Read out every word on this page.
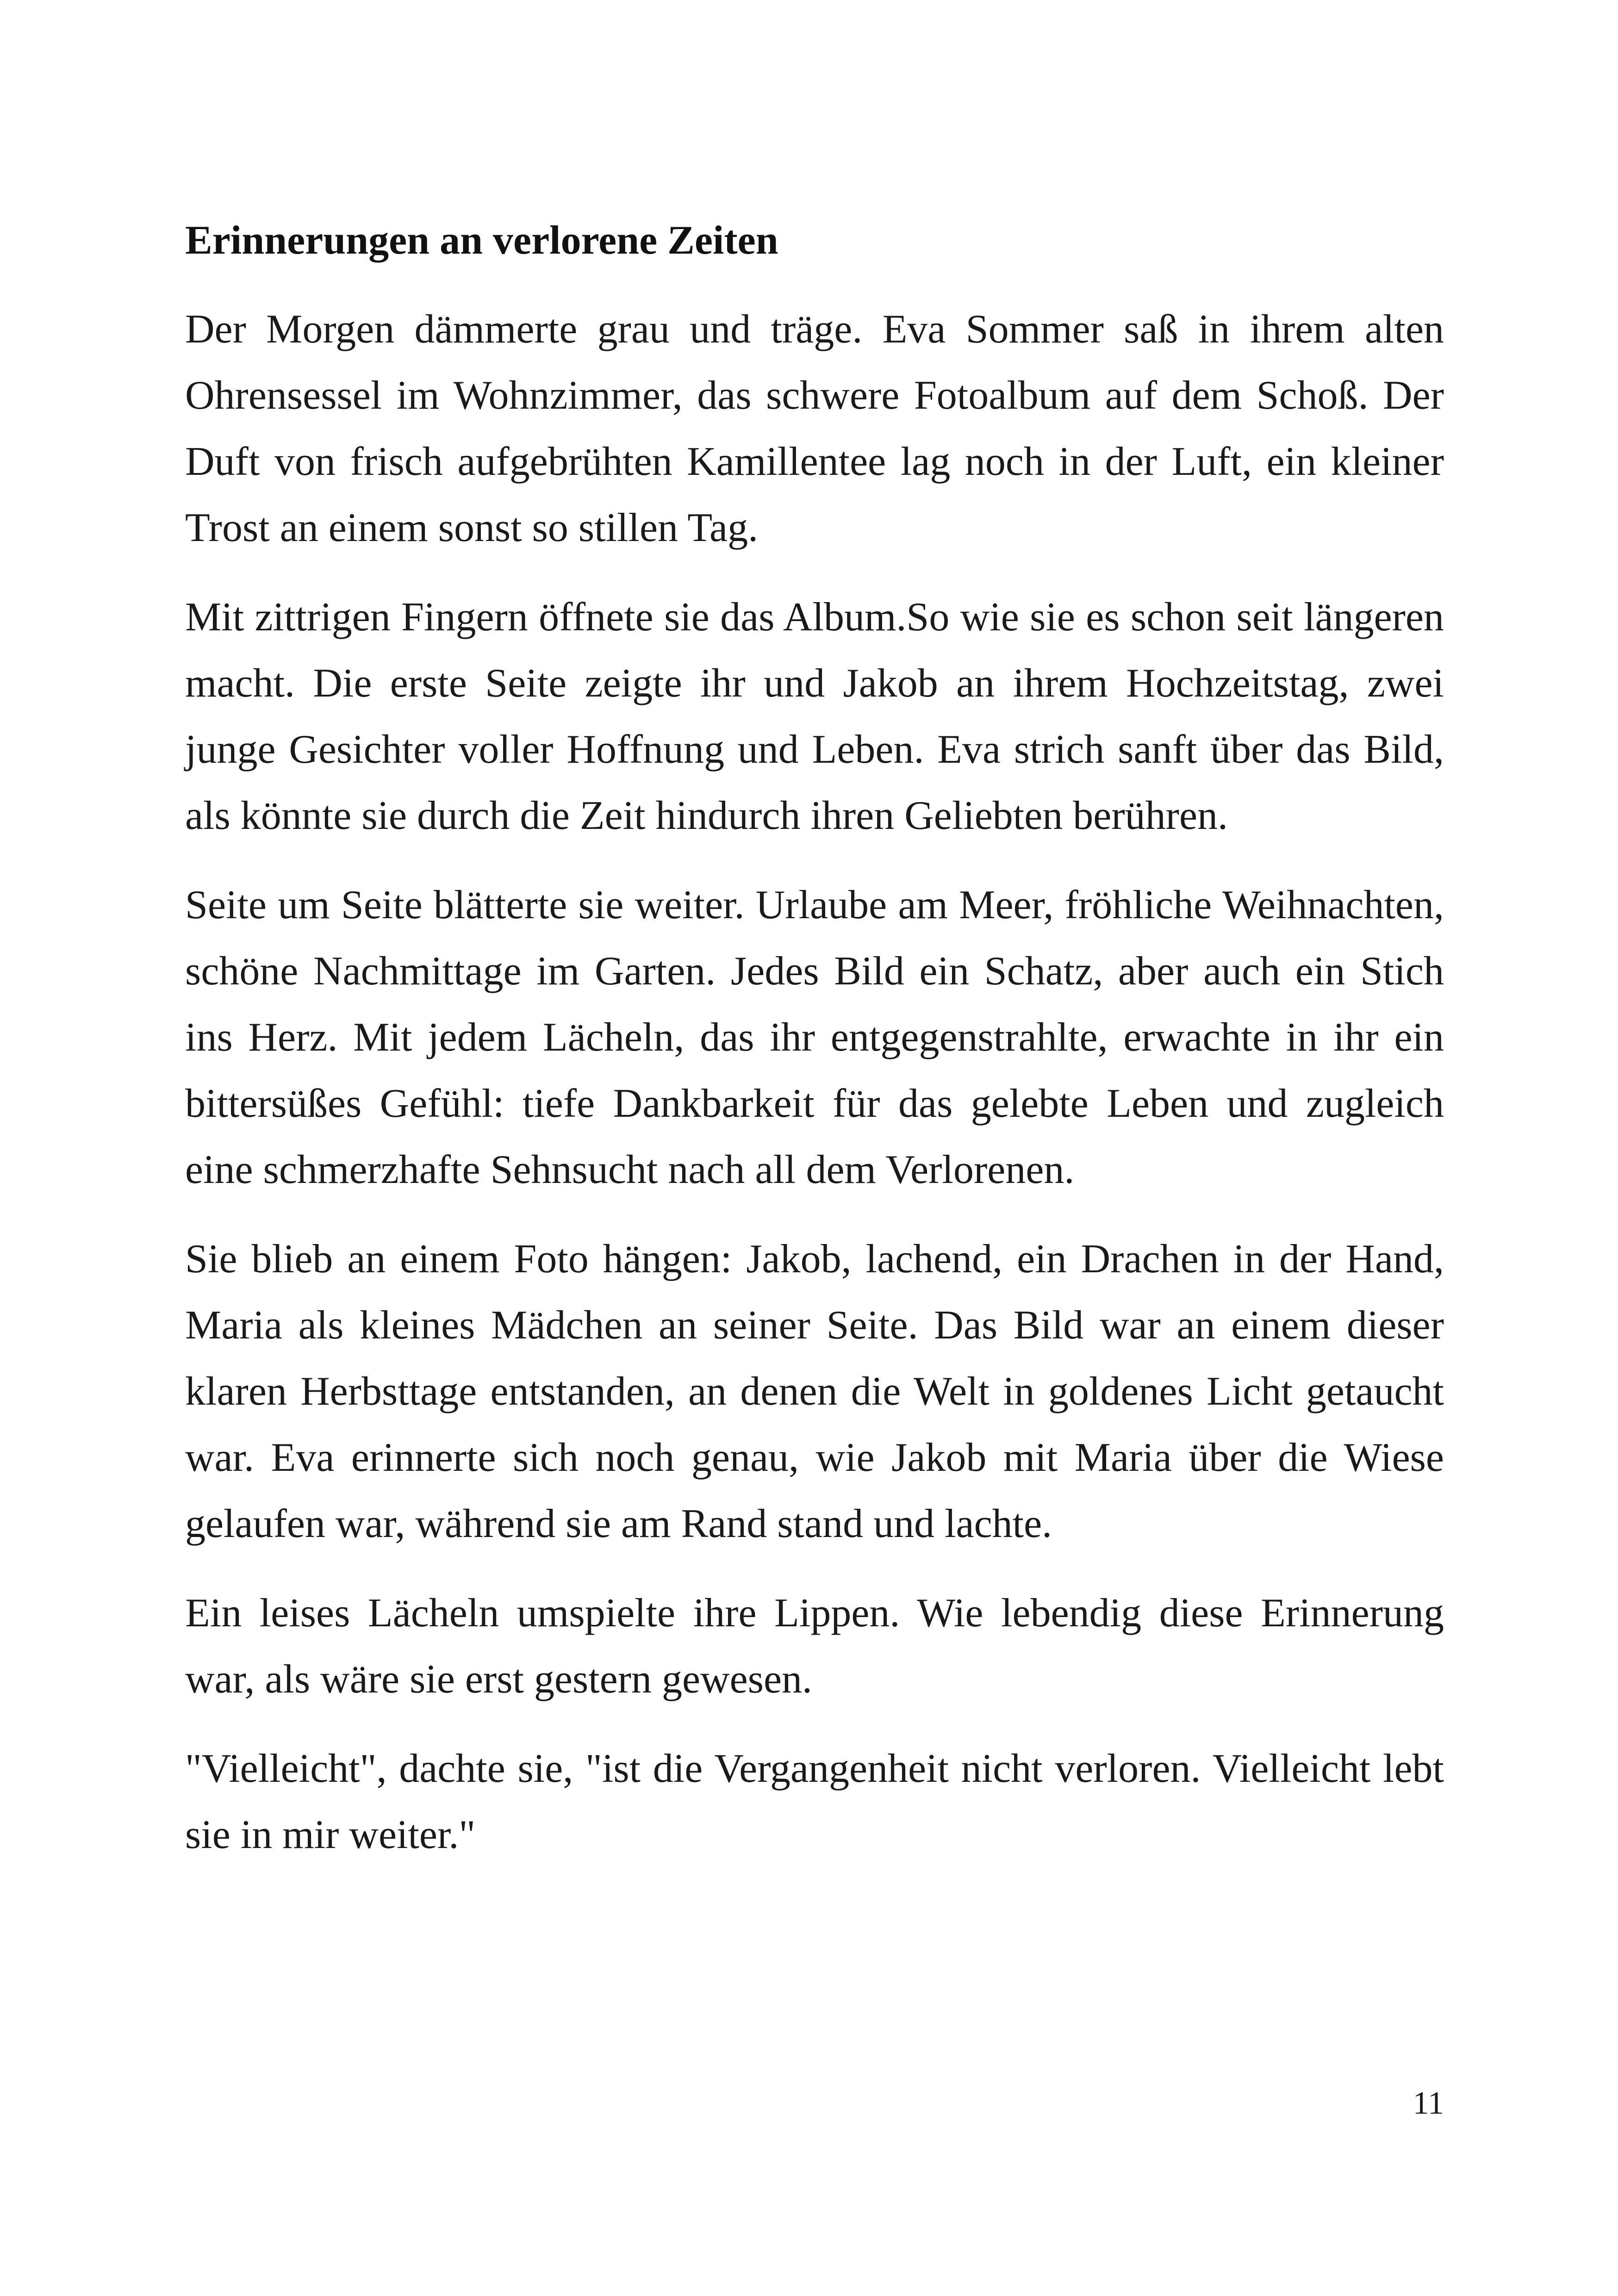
Erinnerungen an verlorene Zeiten

Der Morgen dämmerte grau und träge. Eva Sommer saß in ihrem alten Ohrensessel im Wohnzimmer, das schwere Fotoalbum auf dem Schoß. Der Duft von frisch aufgebrühten Kamillentee lag noch in der Luft, ein kleiner Trost an einem sonst so stillen Tag.

Mit zittrigen Fingern öffnete sie das Album.So wie sie es schon seit längeren macht. Die erste Seite zeigte ihr und Jakob an ihrem Hochzeitstag, zwei junge Gesichter voller Hoffnung und Leben. Eva strich sanft über das Bild, als könnte sie durch die Zeit hindurch ihren Geliebten berühren.

Seite um Seite blätterte sie weiter. Urlaube am Meer, fröhliche Weihnachten, schöne Nachmittage im Garten. Jedes Bild ein Schatz, aber auch ein Stich ins Herz. Mit jedem Lächeln, das ihr entgegenstrahlte, erwachte in ihr ein bittersüßes Gefühl: tiefe Dankbarkeit für das gelebte Leben und zugleich eine schmerzhafte Sehnsucht nach all dem Verlorenen.

Sie blieb an einem Foto hängen: Jakob, lachend, ein Drachen in der Hand, Maria als kleines Mädchen an seiner Seite. Das Bild war an einem dieser klaren Herbsttage entstanden, an denen die Welt in goldenes Licht getaucht war. Eva erinnerte sich noch genau, wie Jakob mit Maria über die Wiese gelaufen war, während sie am Rand stand und lachte.

Ein leises Lächeln umspielte ihre Lippen. Wie lebendig diese Erinnerung war, als wäre sie erst gestern gewesen.

"Vielleicht", dachte sie, "ist die Vergangenheit nicht verloren. Vielleicht lebt sie in mir weiter."

11
